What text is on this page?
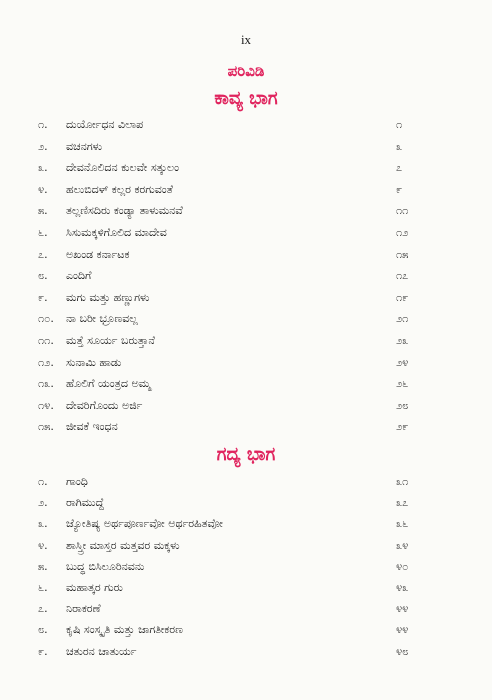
ix
ಪರಿವಿಡಿ
ಕಾವ್ಯ ಭಾಗ
೧.	ದುರ್ಯೋಧನ ವಿಲಾಪ	೧
೨.	ವಚನಗಳು	೩
೩.	ದೇವನೊಲಿದನ ಕುಲವೇ ಸತ್ಕುಲಂ	೭
೪.	ಹಲುಬಿದಳ್ ಕಲ್ಲರ ಕರಗುವಂತೆ	೯
೫.	ತಲ್ಲಣಿಸದಿರು ಕಂಡ್ಯಾ ತಾಳುಮನವೆ	೧೧
೬.	ಸಿಸುಮಕ್ಕಳಿಗೊಲಿದ ಮಾದೇವ	೧೨
೭.	ಅಖಂಡ ಕರ್ನಾಟಕ	೧೫
೮.	ಎಂದಿಗೆ	೧೭
೯.	ಮಗು ಮತ್ತು ಹಣ್ಣುಗಳು	೧೯
೧೦.	ನಾ ಬರೀ ಭ್ರೂಣವಲ್ಲ	೨೧
೧೧.	ಮತ್ತೆ ಸೂರ್ಯ ಬರುತ್ತಾನೆ	೨೩
೧೨.	ಸುನಾಮಿ ಹಾಡು	೨೪
೧೩.	ಹೊಲಿಗೆ ಯಂತ್ರದ ಅಮ್ಮ	೨೬
೧೪.	ದೇವರಿಗೊಂದು ಅರ್ಜಿ	೨೮
೧೫.	ಜೀವಕೆ ಇಂಧನ	೨೯
ಗದ್ಯ ಭಾಗ
೧.	ಗಾಂಧಿ	೩೧
೨.	ರಾಗಿಮುದ್ದೆ	೩೭
೩.	ಜ್ಯೋತಿಷ್ಯ ಅರ್ಥಪೂರ್ಣವೋ ಅರ್ಥರಹಿತವೋ	೩೬
೪.	ಶಾಸ್ತ್ರೀ ಮಾಸ್ತರ ಮತ್ತವರ ಮಕ್ಕಳು	೩೪
೫.	ಬುದ್ಧ ಬಿಸಿಲೂರಿನವನು	೪೦
೬.	ಮಹಾತ್ಕರ ಗುರು	೪೩
೭.	ನಿರಾಕರಣೆ	೪೪
೮.	ಕೃಷಿ ಸಂಸ್ಕೃತಿ ಮತ್ತು ಜಾಗತೀಕರಣ	೪೪
೯.	ಚತುರನ ಚಾತುರ್ಯ	೪೮
